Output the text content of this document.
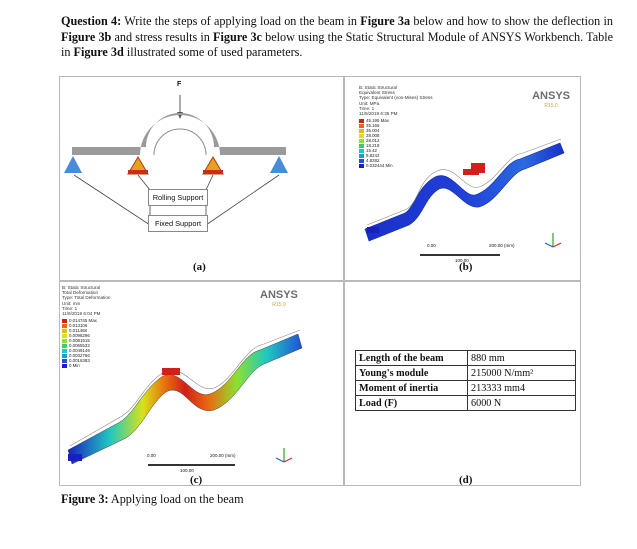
Question 4: Write the steps of applying load on the beam in Figure 3a below and how to show the deflection in Figure 3b and stress results in Figure 3c below using the Static Structural Module of ANSYS Workbench. Table in Figure 3d illustrated some of used parameters.

F
Rolling Support
Fixed Support
(a)
B: Static Structural
Equivalent Stress
Type: Equivalent (von-Mises) Stress
Unit: MPa
Time: 1
11/9/2019 6:35 PM
45.195 Max
35.166
35.004
28.008
28.012
18.218
15.42
9.8242
4.8282
0.032444 Min
ANSYS
R15.0
0.00	200.00 (mm)
100.00
(b)
B: Static Structural
Total Deformation
Type: Total Deformation
Unit: mm
Time: 1
11/9/2019 6:04 PM
0.014745 Max
0.013106
0.011468
0.0098296
0.0081915
0.0065532
0.0049149
0.0032766
0.0016383
0 Min
ANSYS
R15.0
0.00	200.00 (mm)
100.00
(c)	(d)
Length of the beam	880 mm
Young's module	215000 N/mm²
Moment of inertia	213333 mm4
Load (F)	6000 N
Figure 3: Applying load on the beam
